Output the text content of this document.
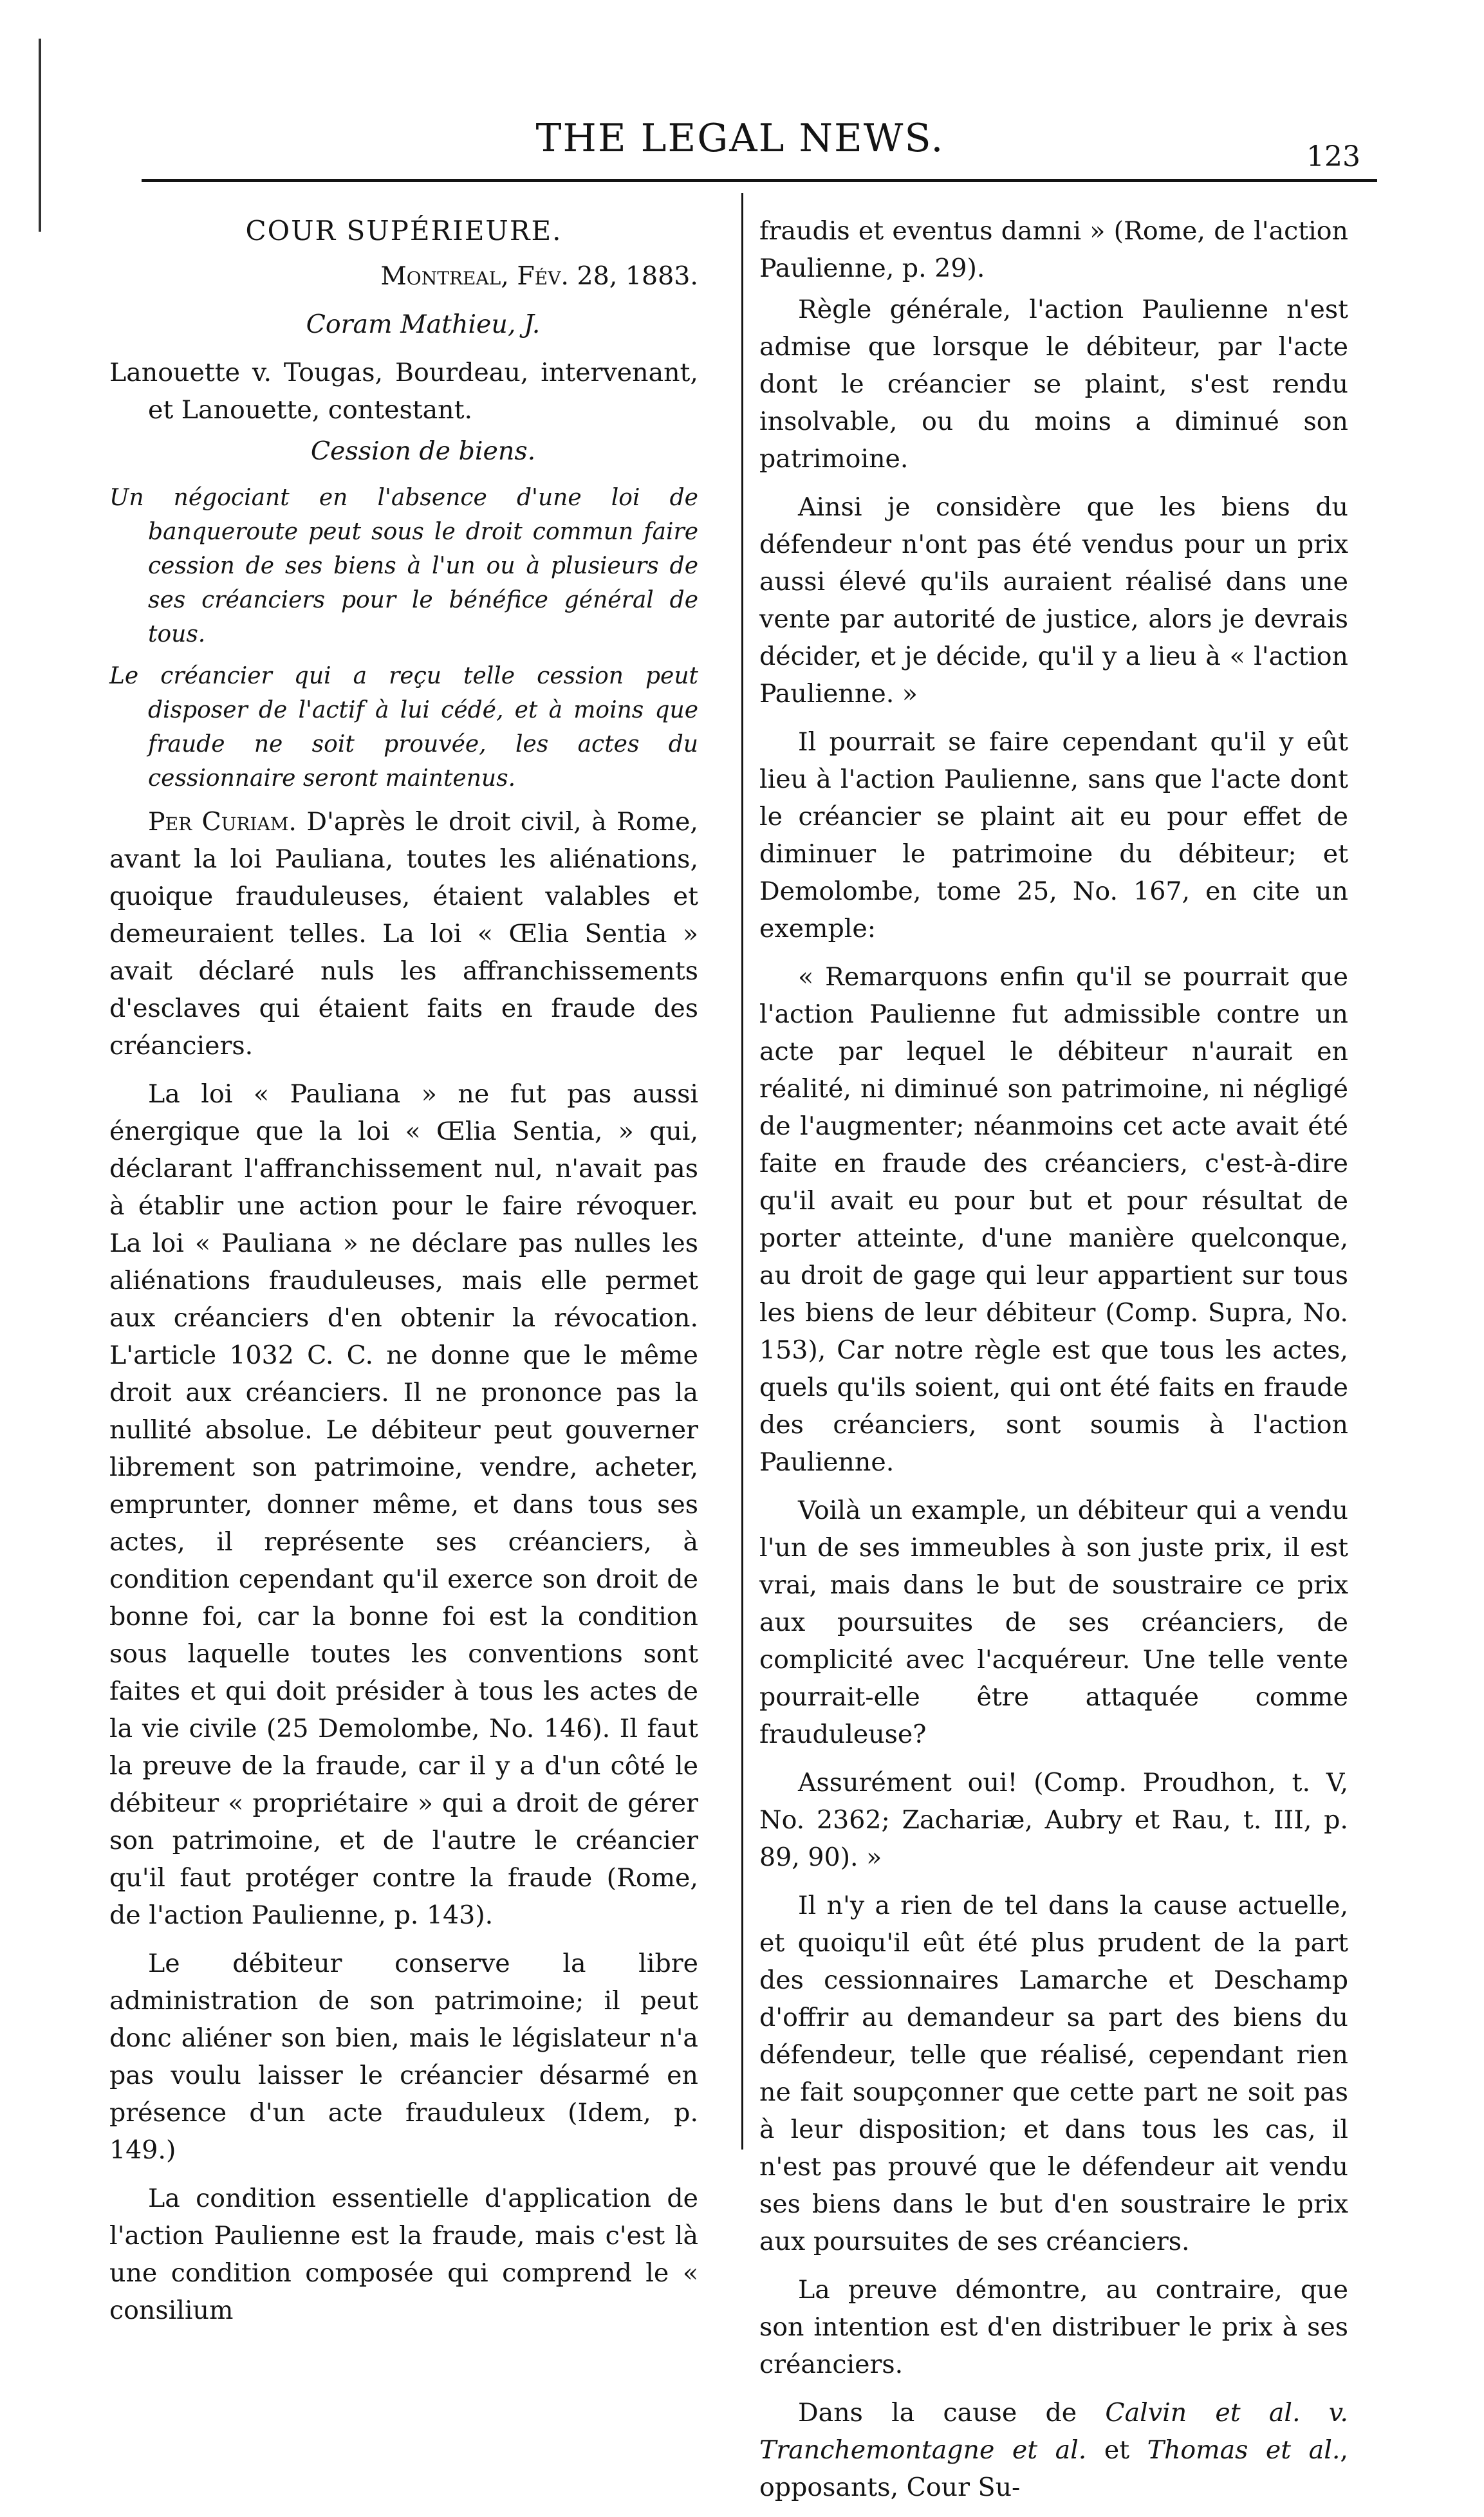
THE LEGAL NEWS.	123

COUR SUPÉRIEURE.

Montreal, Fév. 28, 1883.

Coram Mathieu, J.

Lanouette v. Tougas, Bourdeau, intervenant, et Lanouette, contestant.

Cession de biens.

Un négociant en l'absence d'une loi de banqueroute peut sous le droit commun faire cession de ses biens à l'un ou à plusieurs de ses créanciers pour le bénéfice général de tous.

Le créancier qui a reçu telle cession peut disposer de l'actif à lui cédé, et à moins que fraude ne soit prouvée, les actes du cessionnaire seront maintenus.

Per Curiam. D'après le droit civil, à Rome, avant la loi Pauliana, toutes les aliénations, quoique frauduleuses, étaient valables et demeuraient telles. La loi « Œlia Sentia » avait déclaré nuls les affranchissements d'esclaves qui étaient faits en fraude des créanciers.

La loi « Pauliana » ne fut pas aussi énergique que la loi « Œlia Sentia, » qui, déclarant l'affranchissement nul, n'avait pas à établir une action pour le faire révoquer. La loi « Pauliana » ne déclare pas nulles les aliénations frauduleuses, mais elle permet aux créanciers d'en obtenir la révocation. L'article 1032 C. C. ne donne que le même droit aux créanciers. Il ne prononce pas la nullité absolue. Le débiteur peut gouverner librement son patrimoine, vendre, acheter, emprunter, donner même, et dans tous ses actes, il représente ses créanciers, à condition cependant qu'il exerce son droit de bonne foi, car la bonne foi est la condition sous laquelle toutes les conventions sont faites et qui doit présider à tous les actes de la vie civile (25 Demolombe, No. 146). Il faut la preuve de la fraude, car il y a d'un côté le débiteur « propriétaire » qui a droit de gérer son patrimoine, et de l'autre le créancier qu'il faut protéger contre la fraude (Rome, de l'action Paulienne, p. 143).

Le débiteur conserve la libre administration de son patrimoine; il peut donc aliéner son bien, mais le législateur n'a pas voulu laisser le créancier désarmé en présence d'un acte frauduleux (Idem, p. 149.)

La condition essentielle d'application de l'action Paulienne est la fraude, mais c'est là une condition composée qui comprend le « consilium

fraudis et eventus damni » (Rome, de l'action Paulienne, p. 29).

Règle générale, l'action Paulienne n'est admise que lorsque le débiteur, par l'acte dont le créancier se plaint, s'est rendu insolvable, ou du moins a diminué son patrimoine.

Ainsi je considère que les biens du défendeur n'ont pas été vendus pour un prix aussi élevé qu'ils auraient réalisé dans une vente par autorité de justice, alors je devrais décider, et je décide, qu'il y a lieu à « l'action Paulienne. »

Il pourrait se faire cependant qu'il y eût lieu à l'action Paulienne, sans que l'acte dont le créancier se plaint ait eu pour effet de diminuer le patrimoine du débiteur; et Demolombe, tome 25, No. 167, en cite un exemple:

« Remarquons enfin qu'il se pourrait que l'action Paulienne fut admissible contre un acte par lequel le débiteur n'aurait en réalité, ni diminué son patrimoine, ni négligé de l'augmenter; néanmoins cet acte avait été faite en fraude des créanciers, c'est-à-dire qu'il avait eu pour but et pour résultat de porter atteinte, d'une manière quelconque, au droit de gage qui leur appartient sur tous les biens de leur débiteur (Comp. Supra, No. 153), Car notre règle est que tous les actes, quels qu'ils soient, qui ont été faits en fraude des créanciers, sont soumis à l'action Paulienne.

Voilà un example, un débiteur qui a vendu l'un de ses immeubles à son juste prix, il est vrai, mais dans le but de soustraire ce prix aux poursuites de ses créanciers, de complicité avec l'acquéreur. Une telle vente pourrait-elle être attaquée comme frauduleuse?

Assurément oui! (Comp. Proudhon, t. V, No. 2362; Zachariæ, Aubry et Rau, t. III, p. 89, 90). »

Il n'y a rien de tel dans la cause actuelle, et quoiqu'il eût été plus prudent de la part des cessionnaires Lamarche et Deschamp d'offrir au demandeur sa part des biens du défendeur, telle que réalisé, cependant rien ne fait soupçonner que cette part ne soit pas à leur disposition; et dans tous les cas, il n'est pas prouvé que le défendeur ait vendu ses biens dans le but d'en soustraire le prix aux poursuites de ses créanciers.

La preuve démontre, au contraire, que son intention est d'en distribuer le prix à ses créanciers.

Dans la cause de Calvin et al. v. Tranchemontagne et al. et Thomas et al., opposants, Cour Su-
